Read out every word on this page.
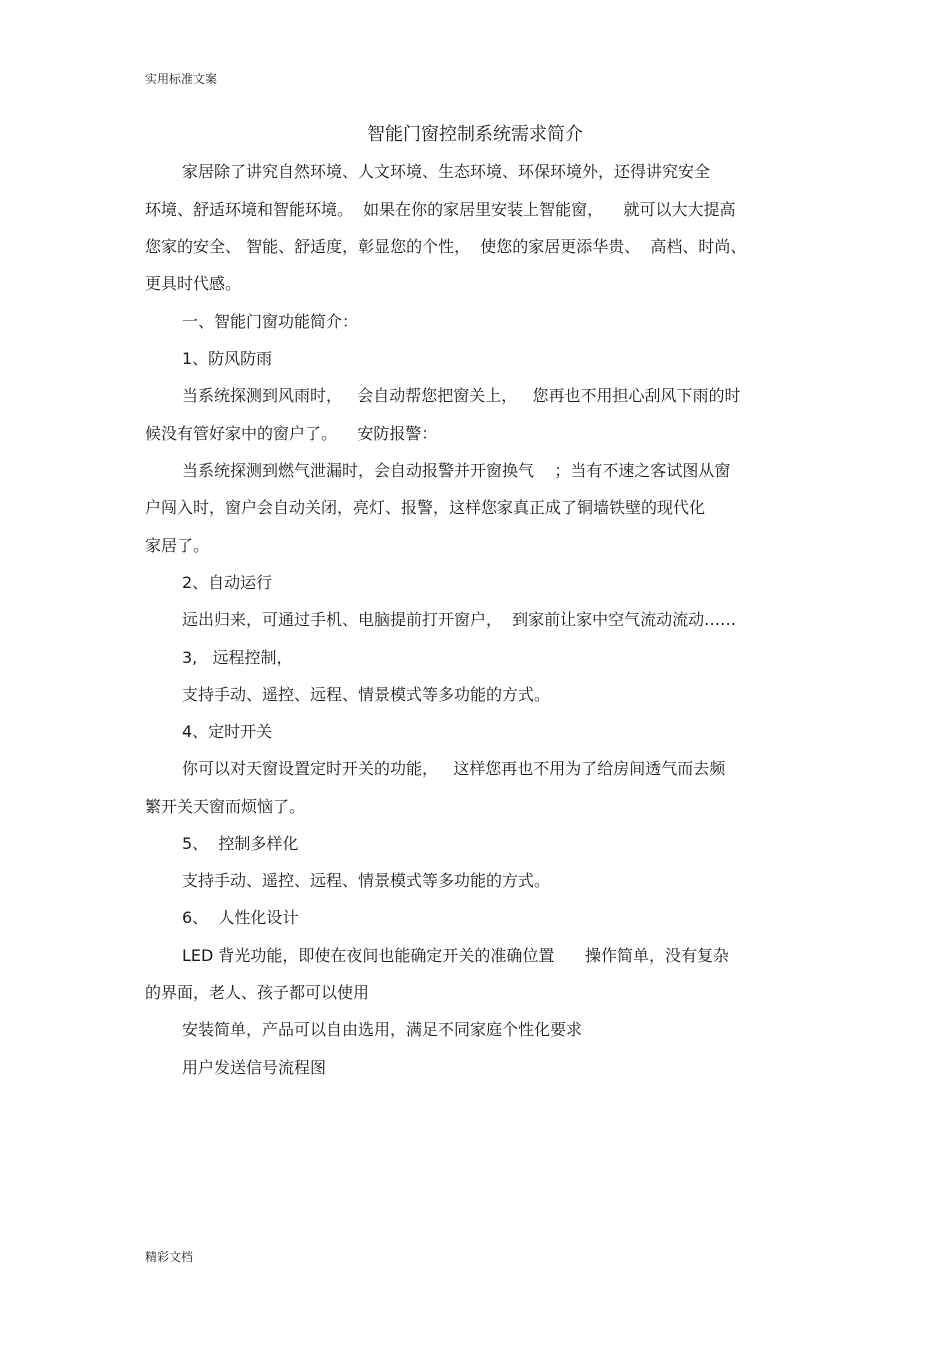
实用标准文案
智能门窗控制系统需求简介
家居除了讲究自然环境、人文环境、生态环境、环保环境外，还得讲究安全
环境、舒适环境和智能环境。  如果在你的家居里安装上智能窗，    就可以大大提高
您家的安全、 智能、舒适度，彰显您的个性，  使您的家居更添华贵、  高档、时尚、
更具时代感。
一、智能门窗功能简介：
1、防风防雨
当系统探测到风雨时，   会自动帮您把窗关上，   您再也不用担心刮风下雨的时
候没有管好家中的窗户了。    安防报警：
当系统探测到燃气泄漏时，会自动报警并开窗换气    ；当有不速之客试图从窗
户闯入时，窗户会自动关闭，亮灯、报警，这样您家真正成了铜墙铁壁的现代化
家居了。
2、自动运行
远出归来，可通过手机、电脑提前打开窗户，  到家前让家中空气流动流动……
3,   远程控制，
支持手动、遥控、远程、情景模式等多功能的方式。
4、定时开关
你可以对天窗设置定时开关的功能，   这样您再也不用为了给房间透气而去频
繁开关天窗而烦恼了。
5、  控制多样化
支持手动、遥控、远程、情景模式等多功能的方式。
6、  人性化设计
LED 背光功能，即使在夜间也能确定开关的准确位置      操作简单，没有复杂
的界面，老人、孩子都可以使用
安装简单，产品可以自由选用，满足不同家庭个性化要求
用户发送信号流程图
精彩文档
